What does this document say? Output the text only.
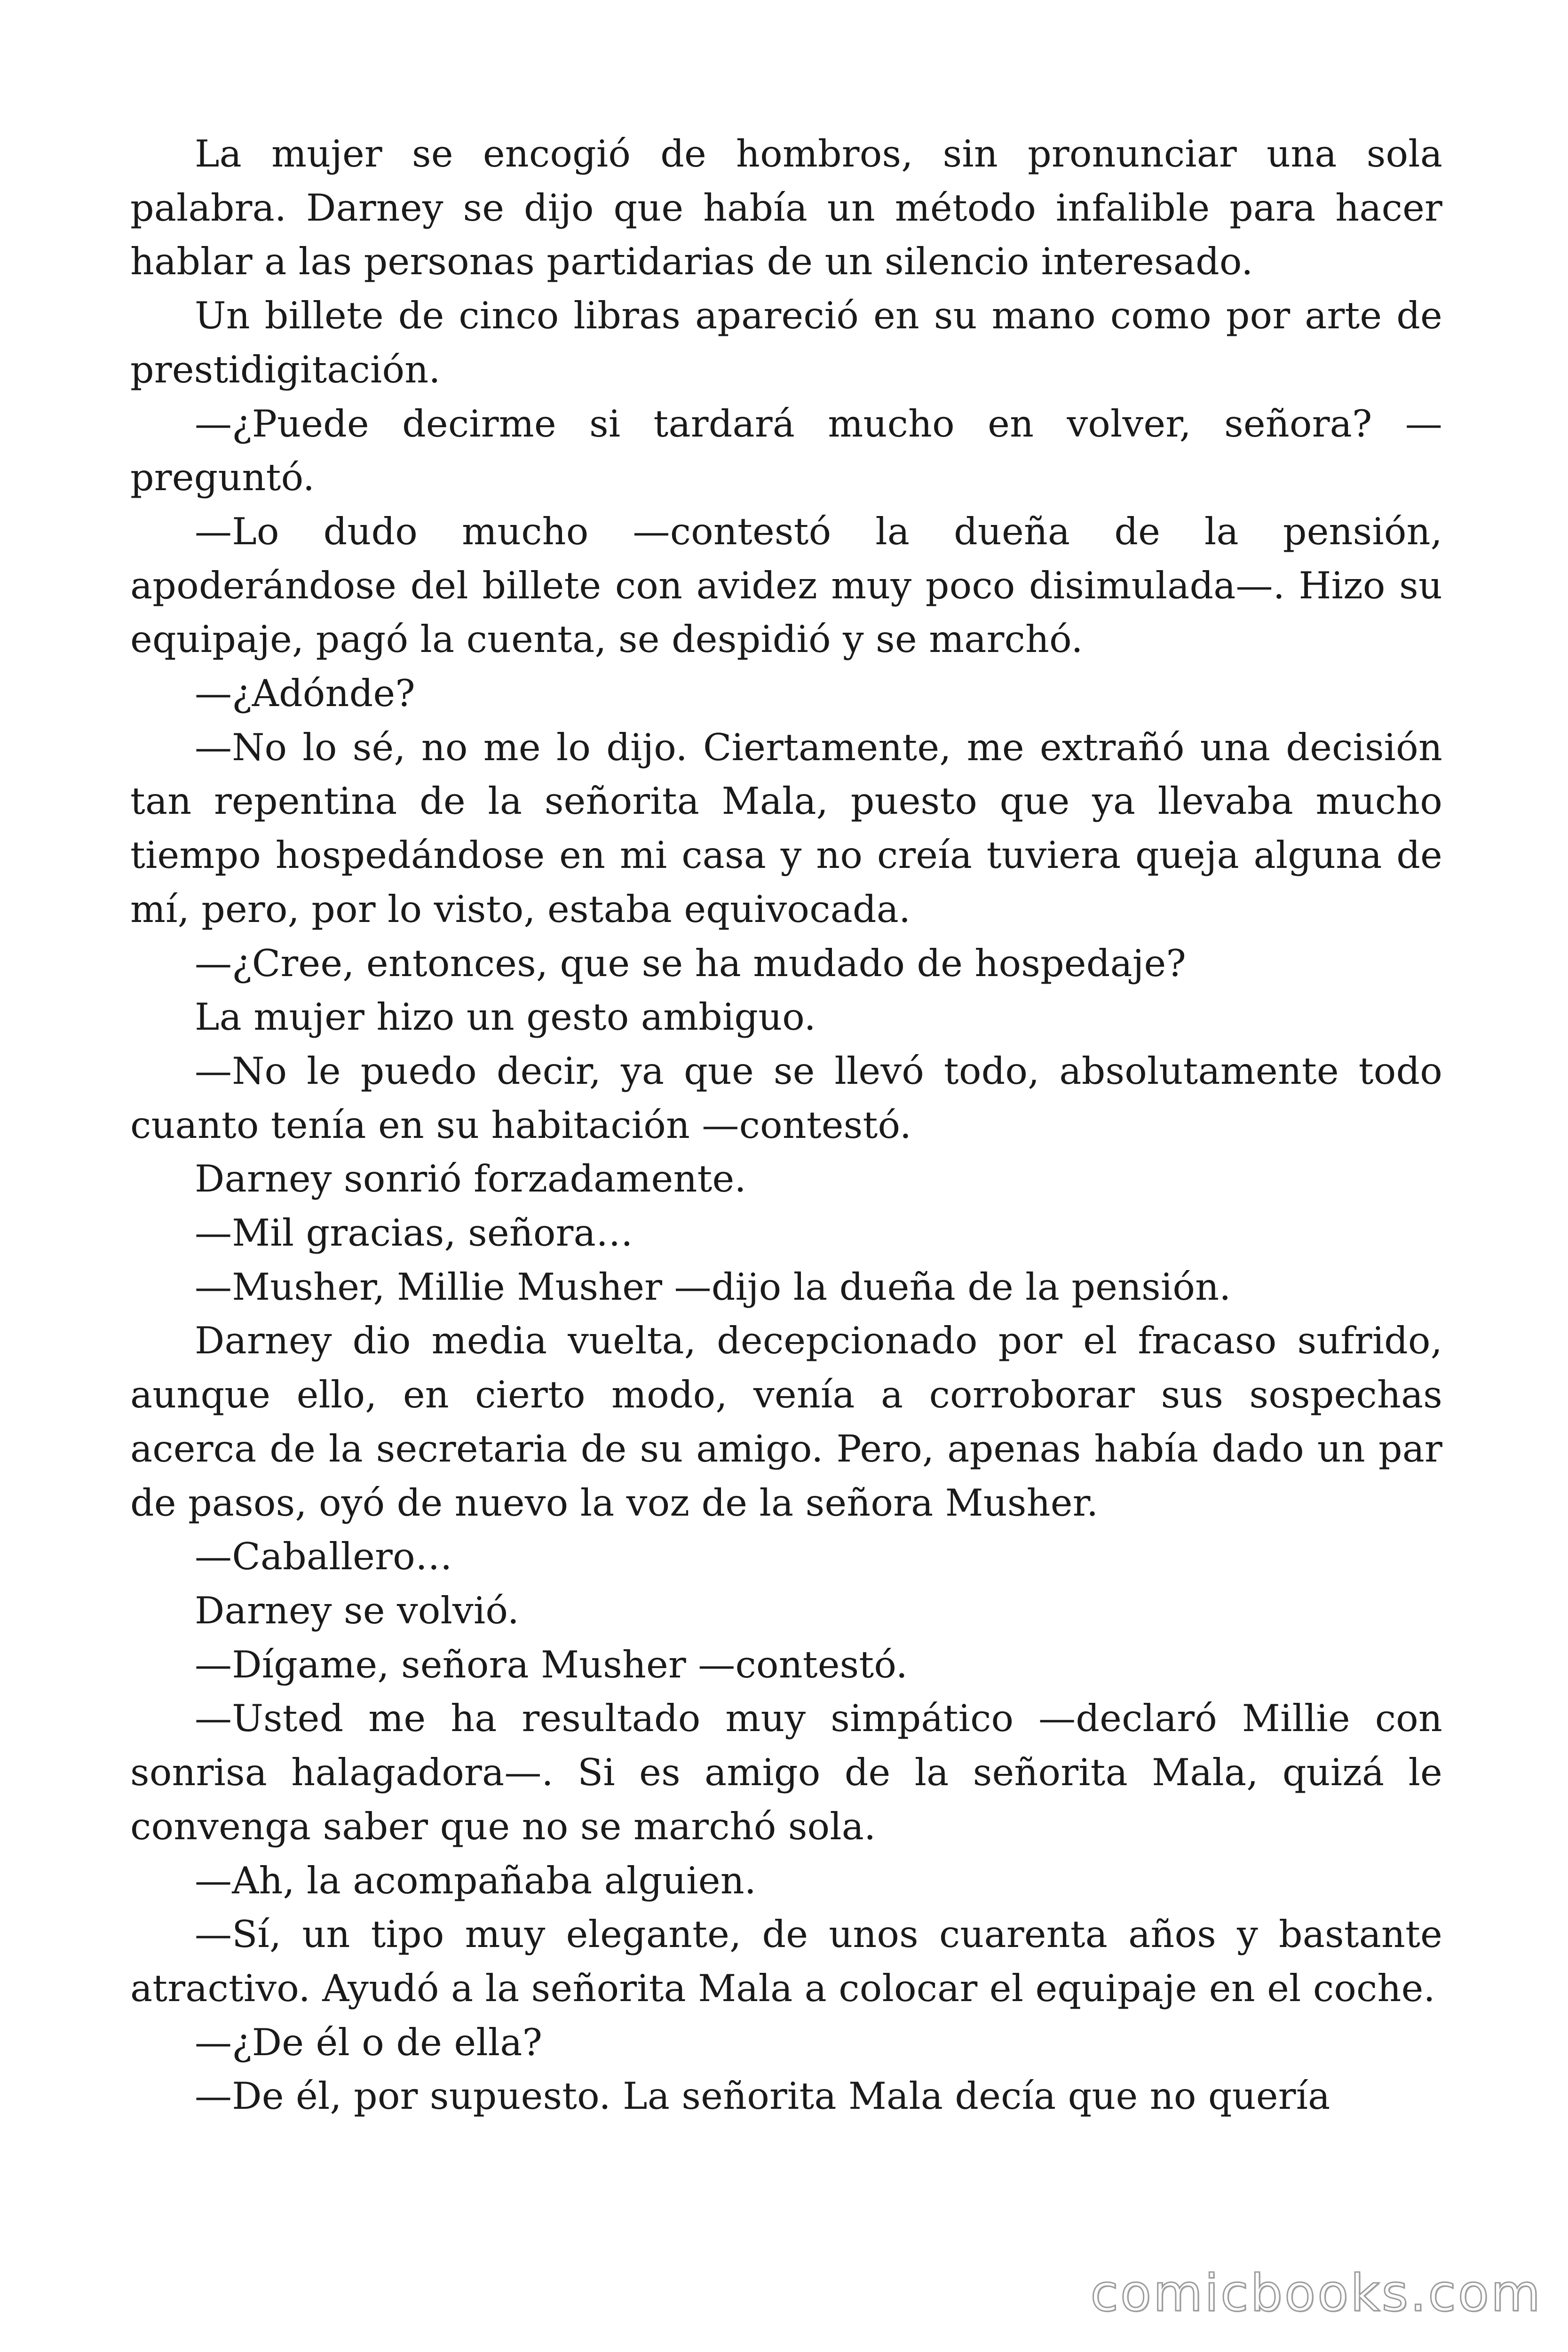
La mujer se encogió de hombros, sin pronunciar una sola palabra. Darney se dijo que había un método infalible para hacer hablar a las personas partidarias de un silencio interesado.

Un billete de cinco libras apareció en su mano como por arte de prestidigitación.

—¿Puede decirme si tardará mucho en volver, señora? —preguntó.

—Lo dudo mucho —contestó la dueña de la pensión, apoderándose del billete con avidez muy poco disimulada—. Hizo su equipaje, pagó la cuenta, se despidió y se marchó.

—¿Adónde?

—No lo sé, no me lo dijo. Ciertamente, me extrañó una decisión tan repentina de la señorita Mala, puesto que ya llevaba mucho tiempo hospedándose en mi casa y no creía tuviera queja alguna de mí, pero, por lo visto, estaba equivocada.

—¿Cree, entonces, que se ha mudado de hospedaje?

La mujer hizo un gesto ambiguo.

—No le puedo decir, ya que se llevó todo, absolutamente todo cuanto tenía en su habitación —contestó.

Darney sonrió forzadamente.

—Mil gracias, señora…

—Musher, Millie Musher —dijo la dueña de la pensión.

Darney dio media vuelta, decepcionado por el fracaso sufrido, aunque ello, en cierto modo, venía a corroborar sus sospechas acerca de la secretaria de su amigo. Pero, apenas había dado un par de pasos, oyó de nuevo la voz de la señora Musher.

—Caballero…

Darney se volvió.

—Dígame, señora Musher —contestó.

—Usted me ha resultado muy simpático —declaró Millie con sonrisa halagadora—. Si es amigo de la señorita Mala, quizá le convenga saber que no se marchó sola.

—Ah, la acompañaba alguien.

—Sí, un tipo muy elegante, de unos cuarenta años y bastante atractivo. Ayudó a la señorita Mala a colocar el equipaje en el coche.

—¿De él o de ella?

—De él, por supuesto. La señorita Mala decía que no quería

comicbooks.com
